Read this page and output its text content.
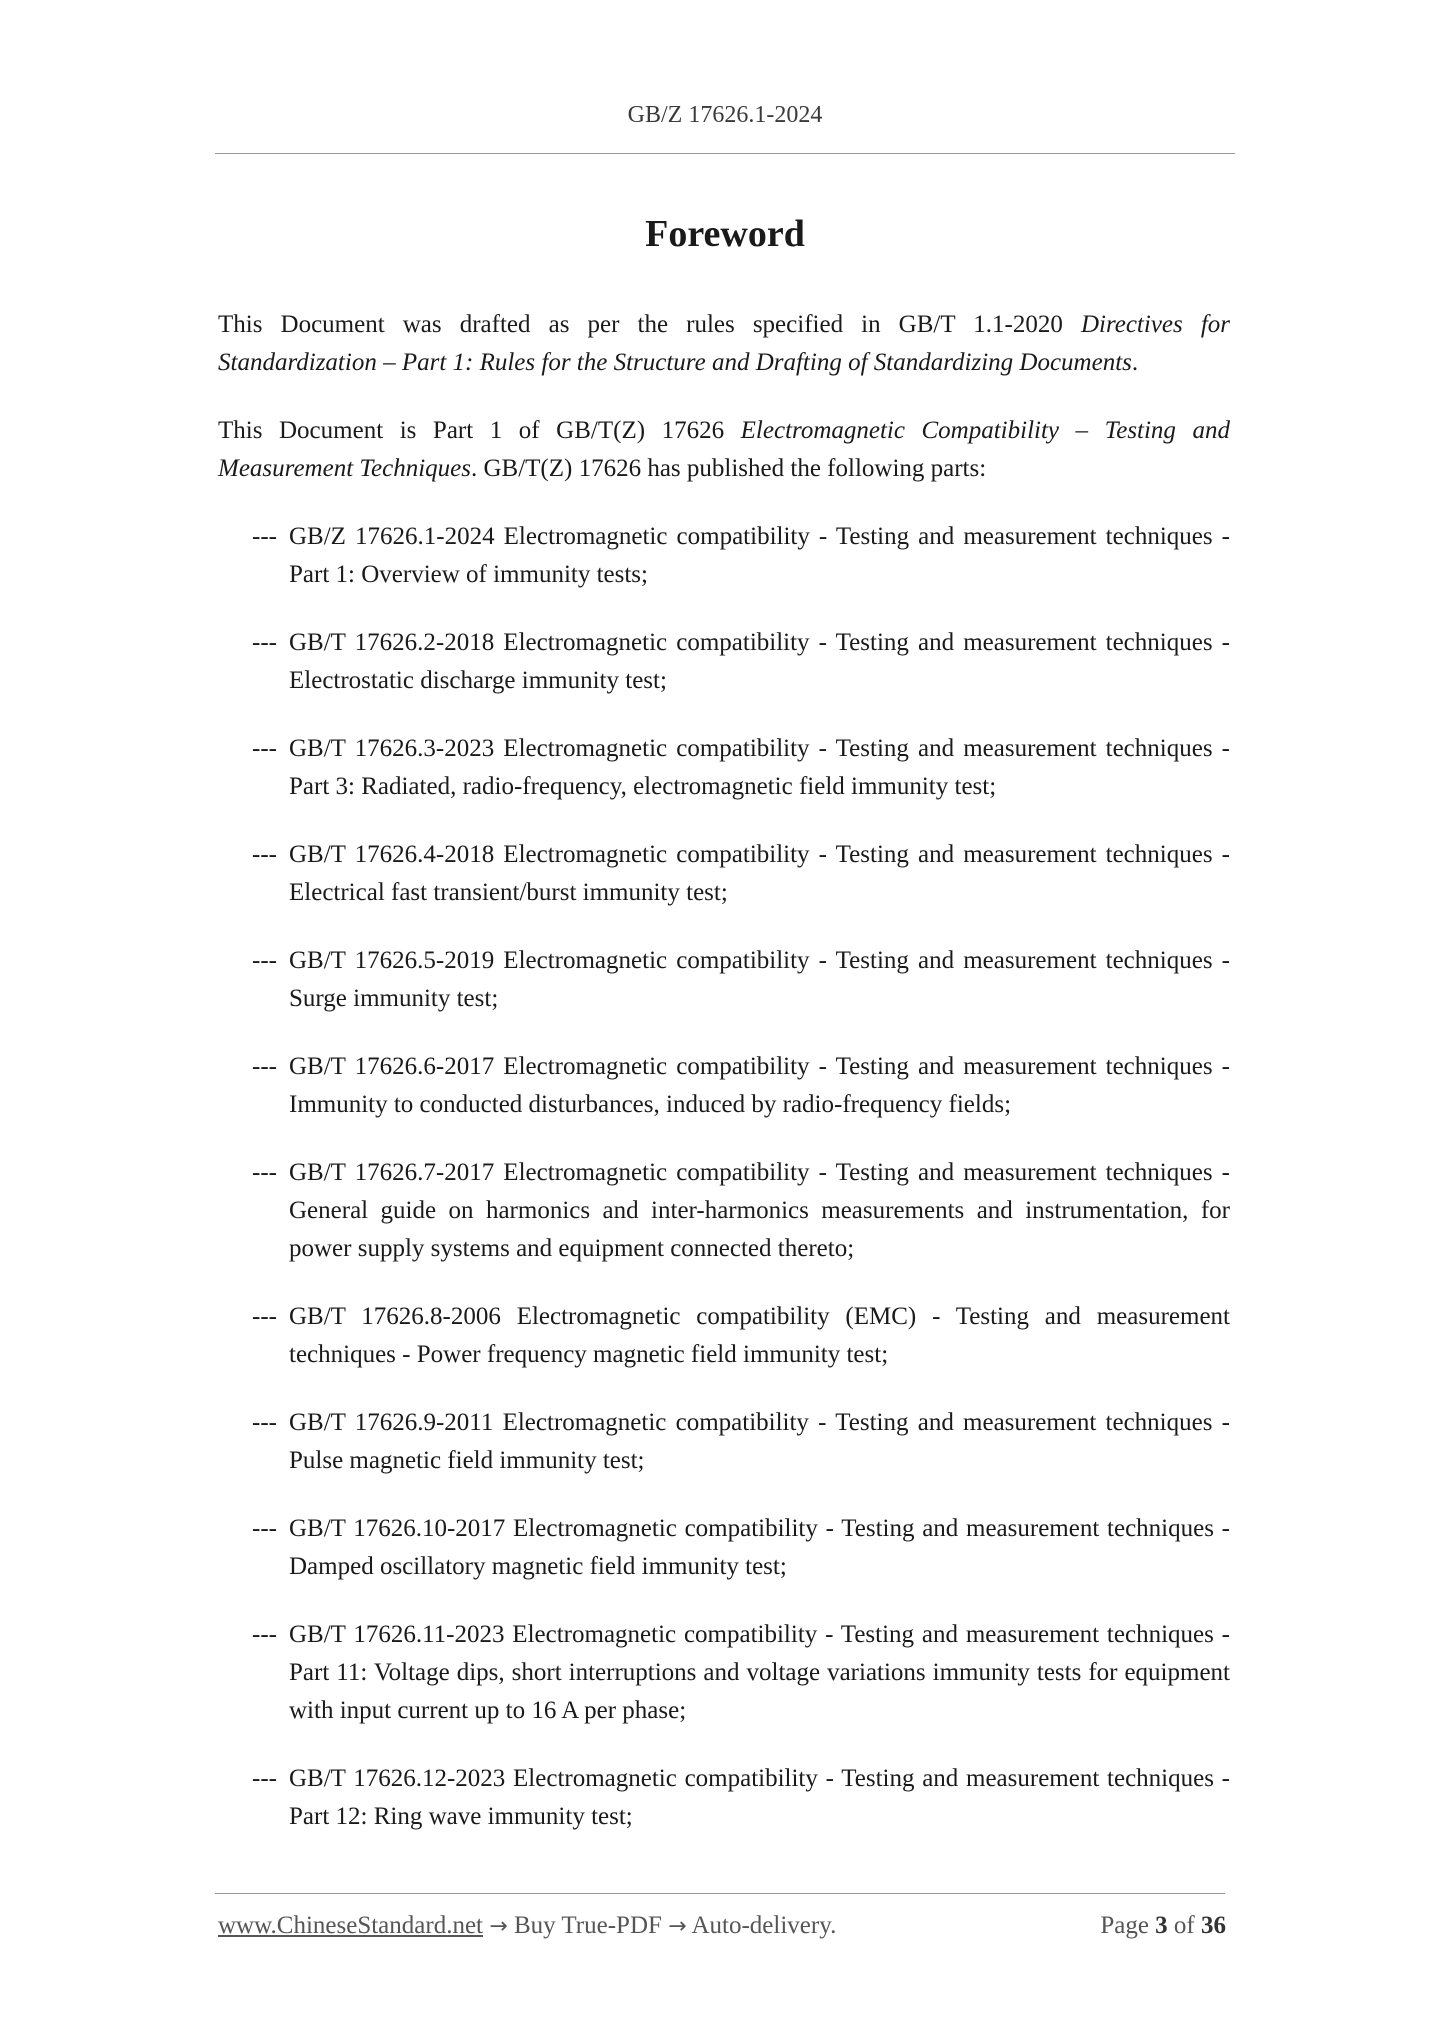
GB/Z 17626.1-2024
Foreword

This Document was drafted as per the rules specified in GB/T 1.1-2020 Directives for Standardization – Part 1: Rules for the Structure and Drafting of Standardizing Documents.

This Document is Part 1 of GB/T(Z) 17626 Electromagnetic Compatibility – Testing and Measurement Techniques. GB/T(Z) 17626 has published the following parts:

--- GB/Z 17626.1-2024 Electromagnetic compatibility - Testing and measurement techniques - Part 1: Overview of immunity tests;
--- GB/T 17626.2-2018 Electromagnetic compatibility - Testing and measurement techniques - Electrostatic discharge immunity test;
--- GB/T 17626.3-2023 Electromagnetic compatibility - Testing and measurement techniques - Part 3: Radiated, radio-frequency, electromagnetic field immunity test;
--- GB/T 17626.4-2018 Electromagnetic compatibility - Testing and measurement techniques - Electrical fast transient/burst immunity test;
--- GB/T 17626.5-2019 Electromagnetic compatibility - Testing and measurement techniques - Surge immunity test;
--- GB/T 17626.6-2017 Electromagnetic compatibility - Testing and measurement techniques - Immunity to conducted disturbances, induced by radio-frequency fields;
--- GB/T 17626.7-2017 Electromagnetic compatibility - Testing and measurement techniques - General guide on harmonics and inter-harmonics measurements and instrumentation, for power supply systems and equipment connected thereto;
--- GB/T 17626.8-2006 Electromagnetic compatibility (EMC) - Testing and measurement techniques - Power frequency magnetic field immunity test;
--- GB/T 17626.9-2011 Electromagnetic compatibility - Testing and measurement techniques - Pulse magnetic field immunity test;
--- GB/T 17626.10-2017 Electromagnetic compatibility - Testing and measurement techniques - Damped oscillatory magnetic field immunity test;
--- GB/T 17626.11-2023 Electromagnetic compatibility - Testing and measurement techniques - Part 11: Voltage dips, short interruptions and voltage variations immunity tests for equipment with input current up to 16 A per phase;
--- GB/T 17626.12-2023 Electromagnetic compatibility - Testing and measurement techniques - Part 12: Ring wave immunity test;
www.ChineseStandard.net → Buy True-PDF → Auto-delivery.	Page 3 of 36
